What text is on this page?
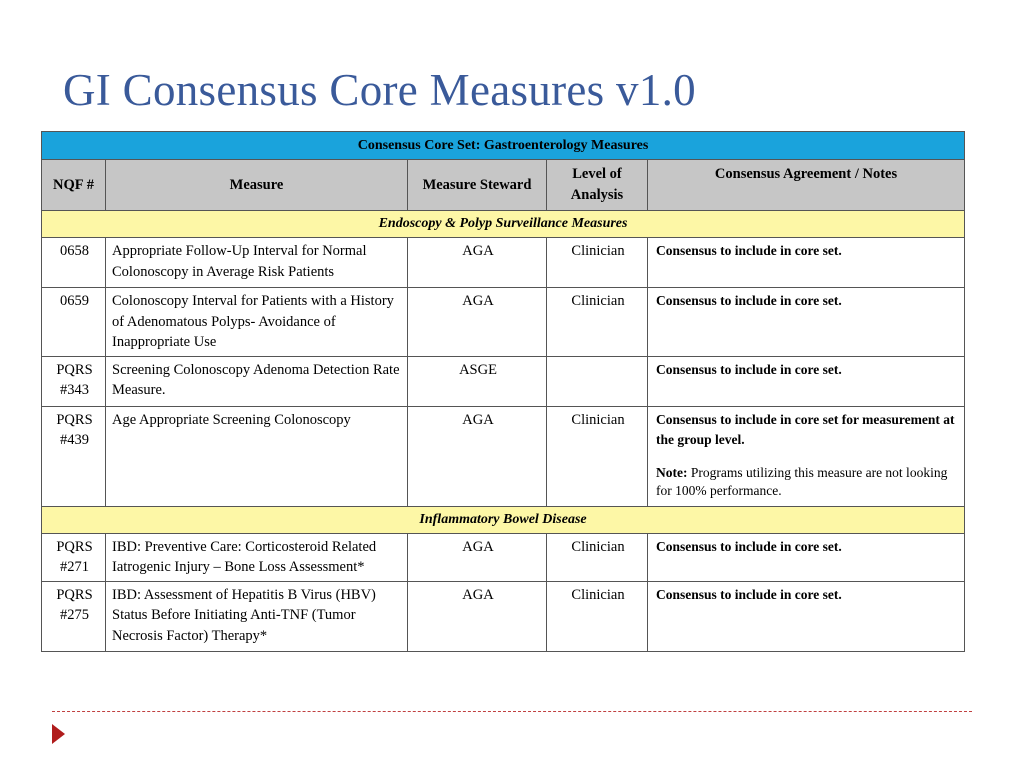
GI Consensus Core Measures v1.0
Consensus Core Set: Gastroenterology Measures				
NQF #	Measure	Measure Steward	Level of Analysis	Consensus Agreement / Notes
Endoscopy & Polyp Surveillance Measures				
0658	Appropriate Follow-Up Interval for Normal Colonoscopy in Average Risk Patients	AGA	Clinician	Consensus to include in core set.
0659	Colonoscopy Interval for Patients with a History of Adenomatous Polyps- Avoidance of Inappropriate Use	AGA	Clinician	Consensus to include in core set.
PQRS #343	Screening Colonoscopy Adenoma Detection Rate Measure.	ASGE		Consensus to include in core set.
PQRS #439	Age Appropriate Screening Colonoscopy	AGA	Clinician	Consensus to include in core set for measurement at the group level.
Note: Programs utilizing this measure are not looking for 100% performance.

Inflammatory Bowel Disease				
PQRS #271	IBD: Preventive Care: Corticosteroid Related Iatrogenic Injury – Bone Loss Assessment*	AGA	Clinician	Consensus to include in core set.
PQRS #275	IBD: Assessment of Hepatitis B Virus (HBV) Status Before Initiating Anti-TNF (Tumor Necrosis Factor) Therapy*	AGA	Clinician	Consensus to include in core set.
